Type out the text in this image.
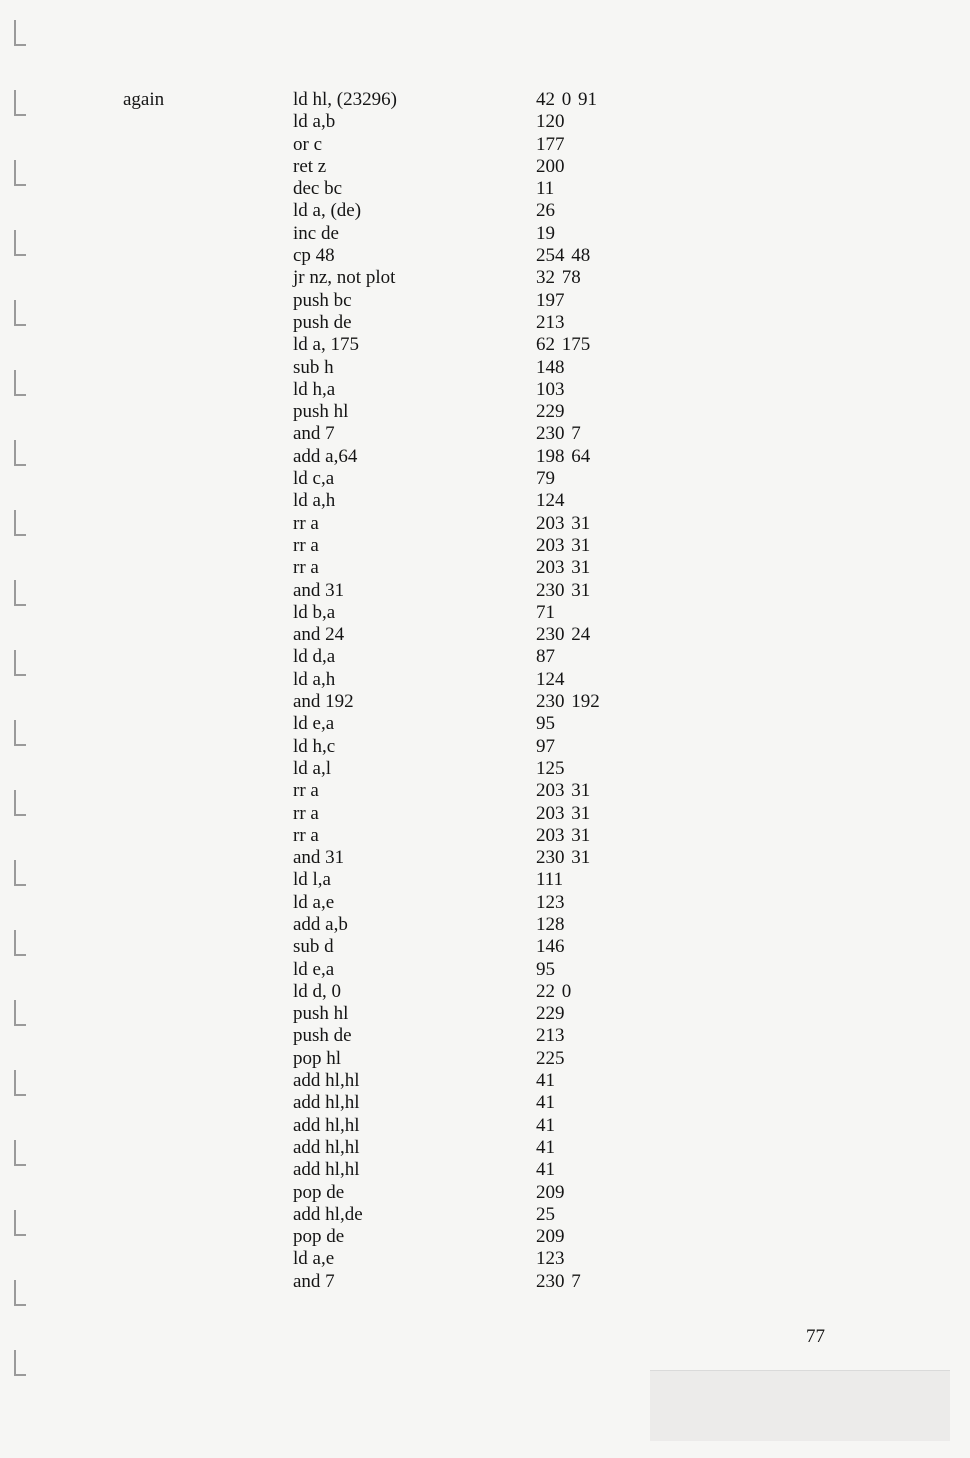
again	ld hl, (23296)	42 0 91
ld a,b	120
or c	177
ret z	200
dec bc	11
ld a, (de)	26
inc de	19
cp 48	254 48
jr nz, not plot	32 78
push bc	197
push de	213
ld a, 175	62 175
sub h	148
ld h,a	103
push hl	229
and 7	230 7
add a,64	198 64
ld c,a	79
ld a,h	124
rr a	203 31
rr a	203 31
rr a	203 31
and 31	230 31
ld b,a	71
and 24	230 24
ld d,a	87
ld a,h	124
and 192	230 192
ld e,a	95
ld h,c	97
ld a,l	125
rr a	203 31
rr a	203 31
rr a	203 31
and 31	230 31
ld l,a	111
ld a,e	123
add a,b	128
sub d	146
ld e,a	95
ld d, 0	22 0
push hl	229
push de	213
pop hl	225
add hl,hl	41
add hl,hl	41
add hl,hl	41
add hl,hl	41
add hl,hl	41
pop de	209
add hl,de	25
pop de	209
ld a,e	123
and 7	230 7
77
